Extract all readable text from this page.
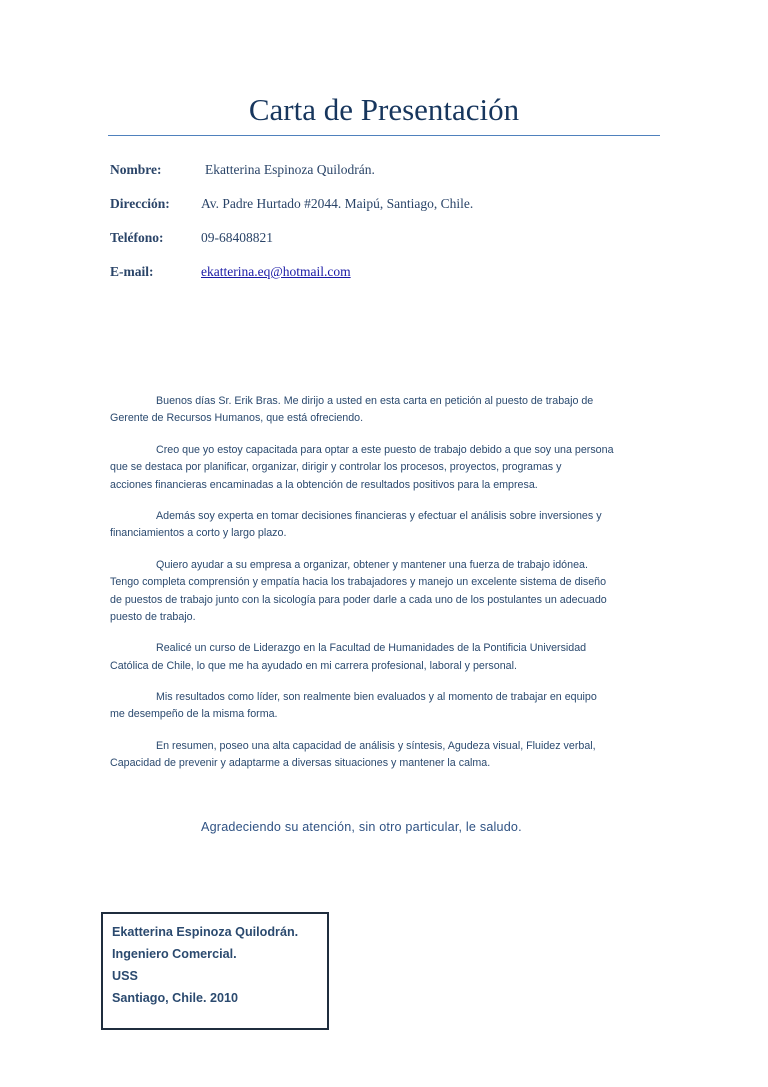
Carta de Presentación
Nombre:	Ekatterina Espinoza Quilodrán.
Dirección: Av. Padre Hurtado #2044. Maipú, Santiago, Chile.
Teléfono:	09-68408821
E-mail:	ekatterina.eq@hotmail.com
Buenos días Sr. Erik Bras. Me dirijo a usted en esta carta en petición al puesto de trabajo de
Gerente de Recursos Humanos, que está ofreciendo.
Creo que yo estoy capacitada para optar a este puesto de trabajo debido a que soy una persona
que se destaca por planificar, organizar, dirigir y controlar los procesos, proyectos, programas y
acciones financieras encaminadas a la obtención de resultados positivos para la empresa.
Además soy experta en tomar decisiones financieras y efectuar el análisis sobre inversiones y
financiamientos a corto y largo plazo.
Quiero ayudar a su empresa a organizar, obtener y mantener una fuerza de trabajo idónea.
Tengo completa comprensión y empatía hacia los trabajadores y manejo un excelente sistema de diseño
de puestos de trabajo junto con la sicología para poder darle a cada uno de los postulantes un adecuado
puesto de trabajo.
Realicé un curso de Liderazgo en la Facultad de Humanidades de la Pontificia Universidad
Católica de Chile, lo que me ha ayudado en mi carrera profesional, laboral y personal.
Mis resultados como líder, son realmente bien evaluados y al momento de trabajar en equipo
me desempeño de la misma forma.
En resumen, poseo una alta capacidad de análisis y síntesis, Agudeza visual, Fluidez verbal,
Capacidad de prevenir y adaptarme a diversas situaciones y mantener la calma.
Agradeciendo su atención, sin otro particular, le saludo.
Ekatterina Espinoza Quilodrán.
Ingeniero Comercial.
USS
Santiago, Chile. 2010
